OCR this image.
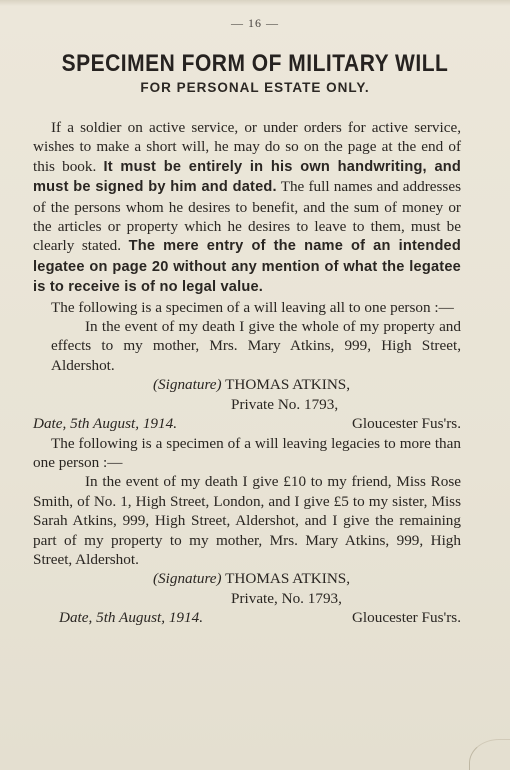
— 16 —
SPECIMEN FORM OF MILITARY WILL
FOR PERSONAL ESTATE ONLY.

If a soldier on active service, or under orders for active service, wishes to make a short will, he may do so on the page at the end of this book. It must be entirely in his own handwriting, and must be signed by him and dated. The full names and addresses of the persons whom he desires to benefit, and the sum of money or the articles or property which he desires to leave to them, must be clearly stated. The mere entry of the name of an intended legatee on page 20 without any mention of what the legatee is to receive is of no legal value.

The following is a specimen of a will leaving all to one person :—

In the event of my death I give the whole of my property and effects to my mother, Mrs. Mary Atkins, 999, High Street, Aldershot.

(Signature) THOMAS ATKINS,

Private No. 1793,

Date, 5th August, 1914.	Gloucester Fus'rs.

The following is a specimen of a will leaving legacies to more than one person :—

In the event of my death I give £10 to my friend, Miss Rose Smith, of No. 1, High Street, London, and I give £5 to my sister, Miss Sarah Atkins, 999, High Street, Aldershot, and I give the remaining part of my property to my mother, Mrs. Mary Atkins, 999, High Street, Aldershot.

(Signature) THOMAS ATKINS,

Private, No. 1793,

Date, 5th August, 1914.	Gloucester Fus'rs.
